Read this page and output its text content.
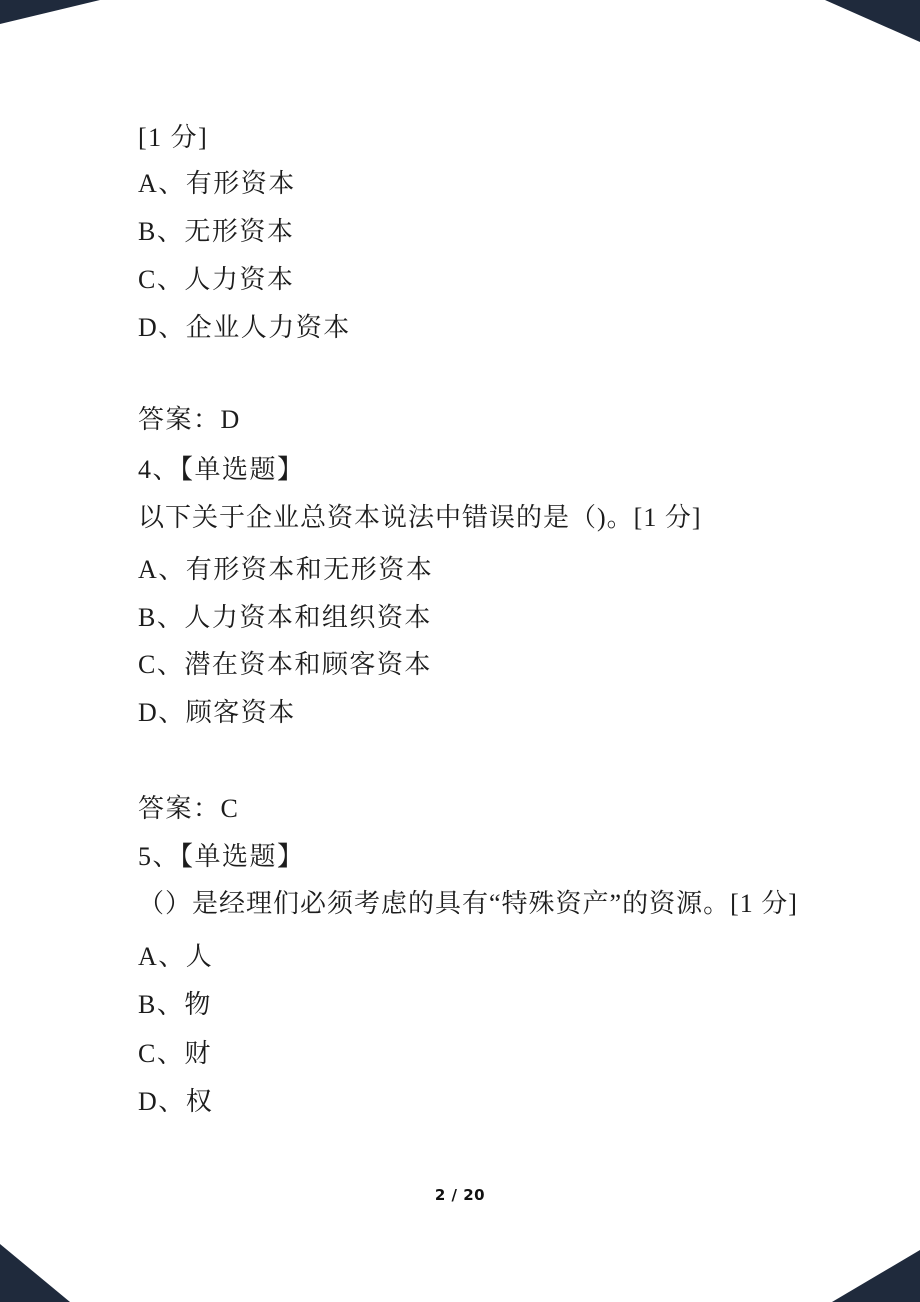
[1 分]
A、有形资本
B、无形资本
C、人力资本
D、企业人力资本
答案：D
4、【单选题】
以下关于企业总资本说法中错误的是（)。[1 分]
A、有形资本和无形资本
B、人力资本和组织资本
C、潜在资本和顾客资本
D、顾客资本
答案：C
5、【单选题】
（）是经理们必须考虑的具有“特殊资产”的资源。[1 分]
A、人
B、物
C、财
D、权
2 / 20
